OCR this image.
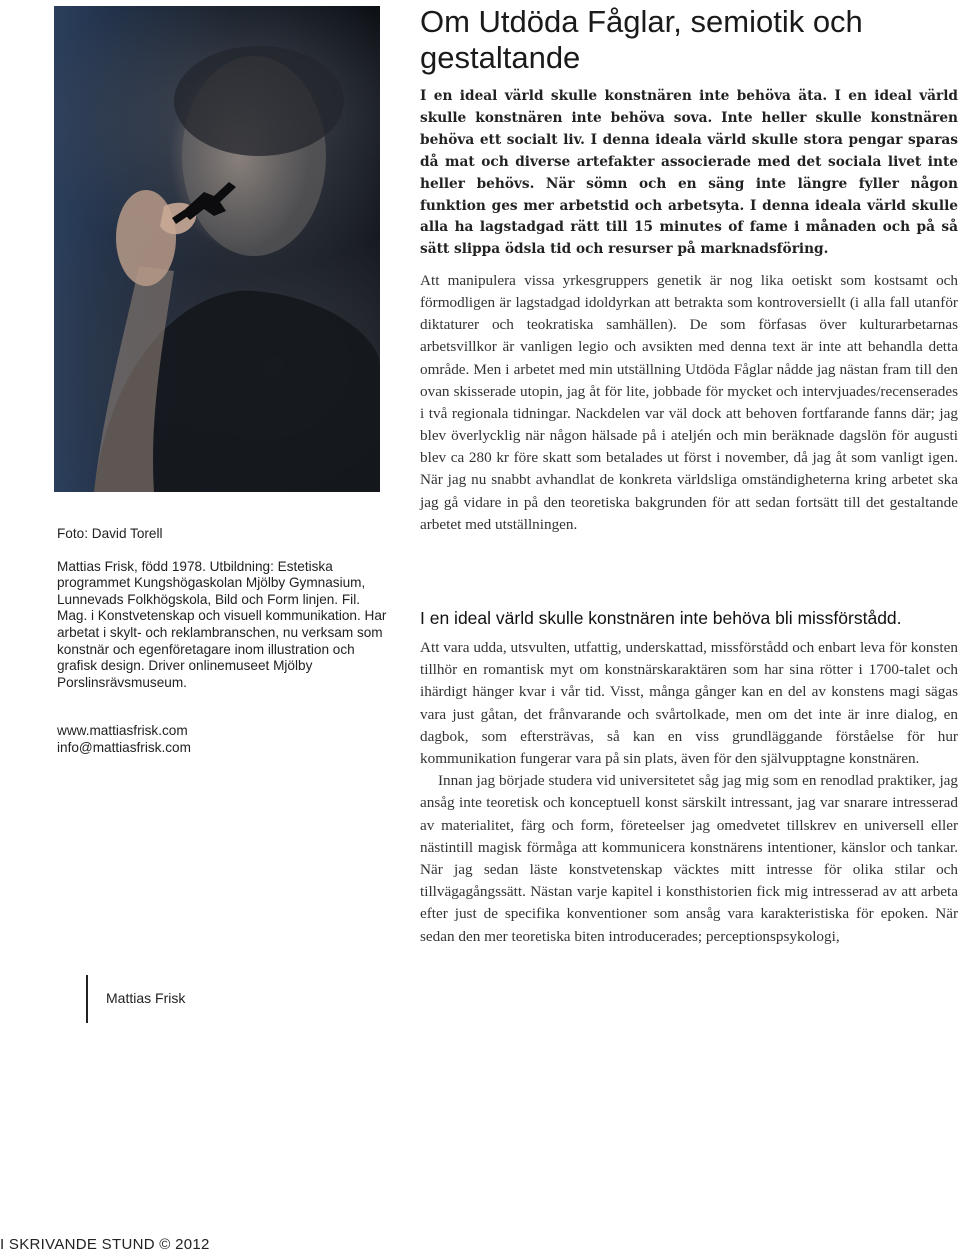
Foto: David Torell

Mattias Frisk, född 1978. Utbildning: Estetiska programmet Kungshögaskolan Mjölby Gymnasium, Lunnevads Folkhögskola, Bild och Form linjen. Fil. Mag. i Konstvetenskap och visuell kommunikation. Har arbetat i skylt- och reklambranschen, nu verksam som konstnär och egenföretagare inom illustration och grafisk design. Driver onlinemuseet Mjölby Porslinsrävsmuseum.

www.mattiasfrisk.com

info@mattiasfrisk.com

Mattias Frisk
I SKRIVANDE STUND © 2012
Om Utdöda Fåglar, semiotik och gestaltande

I en ideal värld skulle konstnären inte behöva äta. I en ideal värld skulle konstnären inte behöva sova. Inte heller skulle konstnären behöva ett socialt liv. I denna ideala värld skulle stora pengar sparas då mat och diverse artefakter associerade med det sociala livet inte heller behövs. När sömn och en säng inte längre fyller någon funktion ges mer arbetstid och arbetsyta. I denna ideala värld skulle alla ha lagstadgad rätt till 15 minutes of fame i månaden och på så sätt slippa ödsla tid och resurser på marknadsföring.

Att manipulera vissa yrkesgruppers genetik är nog lika oetiskt som kostsamt och förmodligen är lagstadgad idoldyrkan att betrakta som kontroversiellt (i alla fall utanför diktaturer och teokratiska samhällen). De som förfasas över kulturarbetarnas arbetsvillkor är vanligen legio och avsikten med denna text är inte att behandla detta område. Men i arbetet med min utställning Utdöda Fåglar nådde jag nästan fram till den ovan skisserade utopin, jag åt för lite, jobbade för mycket och intervjuades/recenserades i två regionala tidningar. Nackdelen var väl dock att behoven fortfarande fanns där; jag blev överlycklig när någon hälsade på i ateljén och min beräknade dagslön för augusti blev ca 280 kr före skatt som betalades ut först i november, då jag åt som vanligt igen. När jag nu snabbt avhandlat de konkreta världsliga omständigheterna kring arbetet ska jag gå vidare in på den teoretiska bakgrunden för att sedan fortsätt till det gestaltande arbetet med utställningen.

I en ideal värld skulle konstnären inte behöva bli missförstådd.

Att vara udda, utsvulten, utfattig, underskattad, missförstådd och enbart leva för konsten tillhör en romantisk myt om konstnärskaraktären som har sina rötter i 1700-talet och ihärdigt hänger kvar i vår tid. Visst, många gånger kan en del av konstens magi sägas vara just gåtan, det frånvarande och svårtolkade, men om det inte är inre dialog, en dagbok, som eftersträvas, så kan en viss grundläggande förståelse för hur kommunikation fungerar vara på sin plats, även för den självupptagne konstnären.

Innan jag började studera vid universitetet såg jag mig som en renodlad praktiker, jag ansåg inte teoretisk och konceptuell konst särskilt intressant, jag var snarare intresserad av materialitet, färg och form, företeelser jag omedvetet tillskrev en universell eller nästintill magisk förmåga att kommunicera konstnärens intentioner, känslor och tankar. När jag sedan läste konstvetenskap väcktes mitt intresse för olika stilar och tillvägagångssätt. Nästan varje kapitel i konsthistorien fick mig intresserad av att arbeta efter just de specifika konventioner som ansåg vara karakteristiska för epoken. När sedan den mer teoretiska biten introducerades; perceptionspsykologi,
